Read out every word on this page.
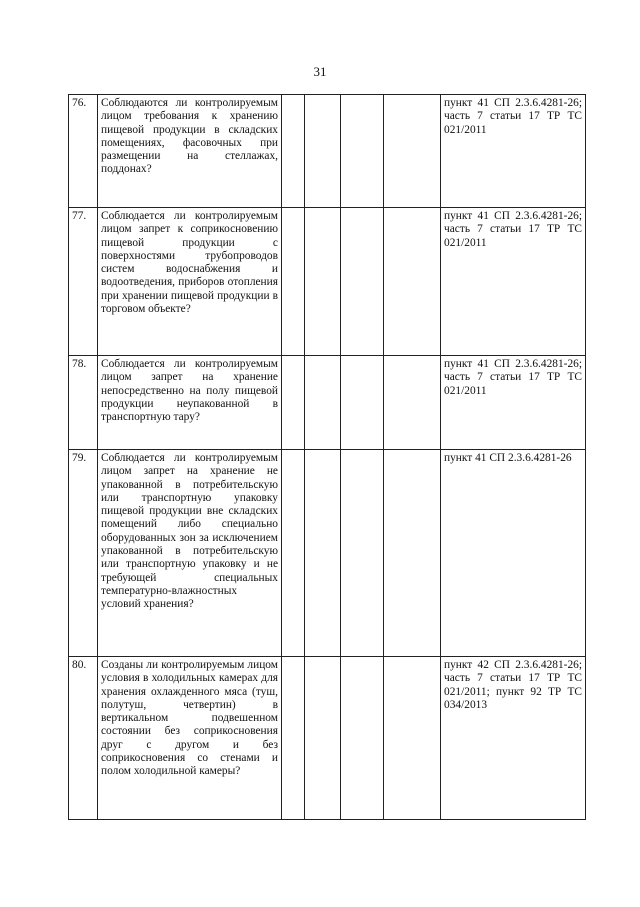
31
76.	Соблюдаются ли контролируемым лицом требования к хранению пищевой продукции в складских помещениях, фасовочных при размещении на стеллажах, поддонах?					пункт 41 СП 2.3.6.4281-26; часть 7 статьи 17 ТР ТС 021/2011
77.	Соблюдается ли контролируемым лицом запрет к соприкосновению пищевой продукции с поверхностями трубопроводов систем водоснабжения и водоотведения, приборов отопления при хранении пищевой продукции в торговом объекте?					пункт 41 СП 2.3.6.4281-26; часть 7 статьи 17 ТР ТС 021/2011
78.	Соблюдается ли контролируемым лицом запрет на хранение непосредственно на полу пищевой продукции неупакованной в транспортную тару?					пункт 41 СП 2.3.6.4281-26; часть 7 статьи 17 ТР ТС 021/2011
79.	Соблюдается ли контролируемым лицом запрет на хранение не упакованной в потребительскую или транспортную упаковку пищевой продукции вне складских помещений либо специально оборудованных зон за исключением упакованной в потребительскую или транспортную упаковку и не требующей специальных температурно-влажностных условий хранения?					пункт 41 СП 2.3.6.4281-26
80.	Созданы ли контролируемым лицом условия в холодильных камерах для хранения охлажденного мяса (туш, полутуш, четвертин) в вертикальном подвешенном состоянии без соприкосновения друг с другом и без соприкосновения со стенами и полом холодильной камеры?					пункт 42 СП 2.3.6.4281-26; часть 7 статьи 17 ТР ТС 021/2011; пункт 92 ТР ТС 034/2013
